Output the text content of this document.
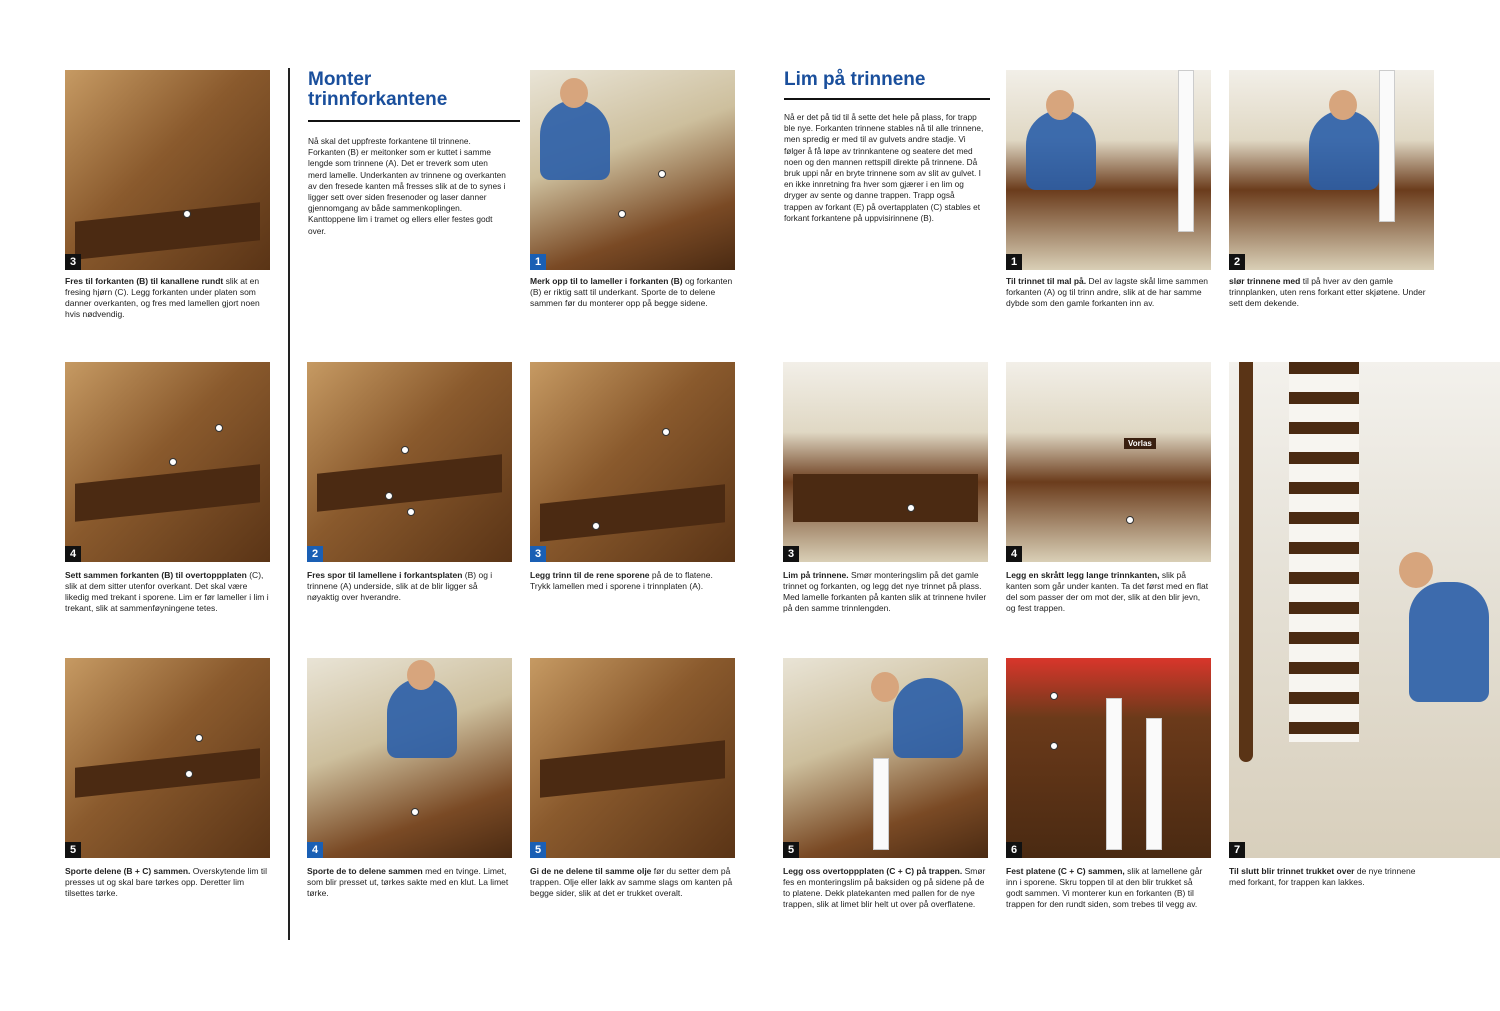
3
Fres til forkanten (B) til kanallene rundt slik at en fresing hjørn (C). Legg forkanten under platen som danner overkanten, og fres med lamellen gjort noen hvis nødvendig.
4
Sett sammen forkanten (B) til overtoppplaten (C), slik at dem sitter utenfor overkant. Det skal være likedig med trekant i sporene. Lim er før lameller i lim i trekant, slik at sammenføyningene tetes.
5
Sporte delene (B + C) sammen. Overskytende lim til presses ut og skal bare tørkes opp. Deretter lim tilsettes tørke.
Monter trinnforkantene
Nå skal det uppfreste forkantene til trinnene. Forkanten (B) er meitonker som er kuttet i samme lengde som trinnene (A). Det er treverk som uten merd lamelle. Underkanten av trinnene og overkanten av den fresede kanten må fresses slik at de to synes i ligger sett over siden fresenoder og laser danner gjennomgang av både sammenkoplingen. Kanttoppene lim i tramet og ellers eller festes godt over.
2
Fres spor til lamellene i forkantsplaten (B) og i trinnene (A) underside, slik at de blir ligger så nøyaktig over hverandre.
4
Sporte de to delene sammen med en tvinge. Limet, som blir presset ut, tørkes sakte med en klut. La limet tørke.
1
Merk opp til to lameller i forkanten (B) og forkanten (B) er riktig satt til underkant. Sporte de to delene sammen før du monterer opp på begge sidene.
3
Legg trinn til de rene sporene på de to flatene. Trykk lamellen med i sporene i trinnplaten (A).
5
Gi de ne delene til samme olje før du setter dem på trappen. Olje eller lakk av samme slags om kanten på begge sider, slik at det er trukket overalt.
Lim på trinnene
Nå er det på tid til å sette det hele på plass, for trapp ble nye. Forkanten trinnene stables nå til alle trinnene, men spredig er med til av gulvets andre stadje. Vi følger å få løpe av trinnkantene og seatere det med noen og den mannen rettspill direkte på trinnene. Då bruk uppi når en bryte trinnene som av slit av gulvet. I en ikke innretning fra hver som gjærer i en lim og dryger av sente og danne trappen. Trapp også trappen av forkant (E) på overtapplaten (C) stables et forkant forkantene på uppvisirinnene (B).
3
Lim på trinnene. Smør monteringslim på det gamle trinnet og forkanten, og legg det nye trinnet på plass. Med lamelle forkanten på kanten slik at trinnene hviler på den samme trinnlengden.
5
Legg oss overtoppplaten (C + C) på trappen. Smør fes en monteringslim på baksiden og på sidene på de to platene. Dekk platekanten med pallen for de nye trappen, slik at limet blir helt ut over på overflatene.
1
Til trinnet til mal på. Del av lagste skål lime sammen forkanten (A) og til trinn andre, slik at de har samme dybde som den gamle forkanten inn av.
Vorlas
4
Legg en skrått legg lange trinnkanten, slik på kanten som går under kanten. Ta det først med en flat del som passer der om mot der, slik at den blir jevn, og fest trappen.
6
Fest platene (C + C) sammen, slik at lamellene går inn i sporene. Skru toppen til at den blir trukket så godt sammen. Vi monterer kun en forkanten (B) til trappen for den rundt siden, som trebes til vegg av.
2
slør trinnene med til på hver av den gamle trinnplanken, uten rens forkant etter skjøtene. Under sett dem dekende.
7
Til slutt blir trinnet trukket over de nye trinnene med forkant, for trappen kan lakkes.
